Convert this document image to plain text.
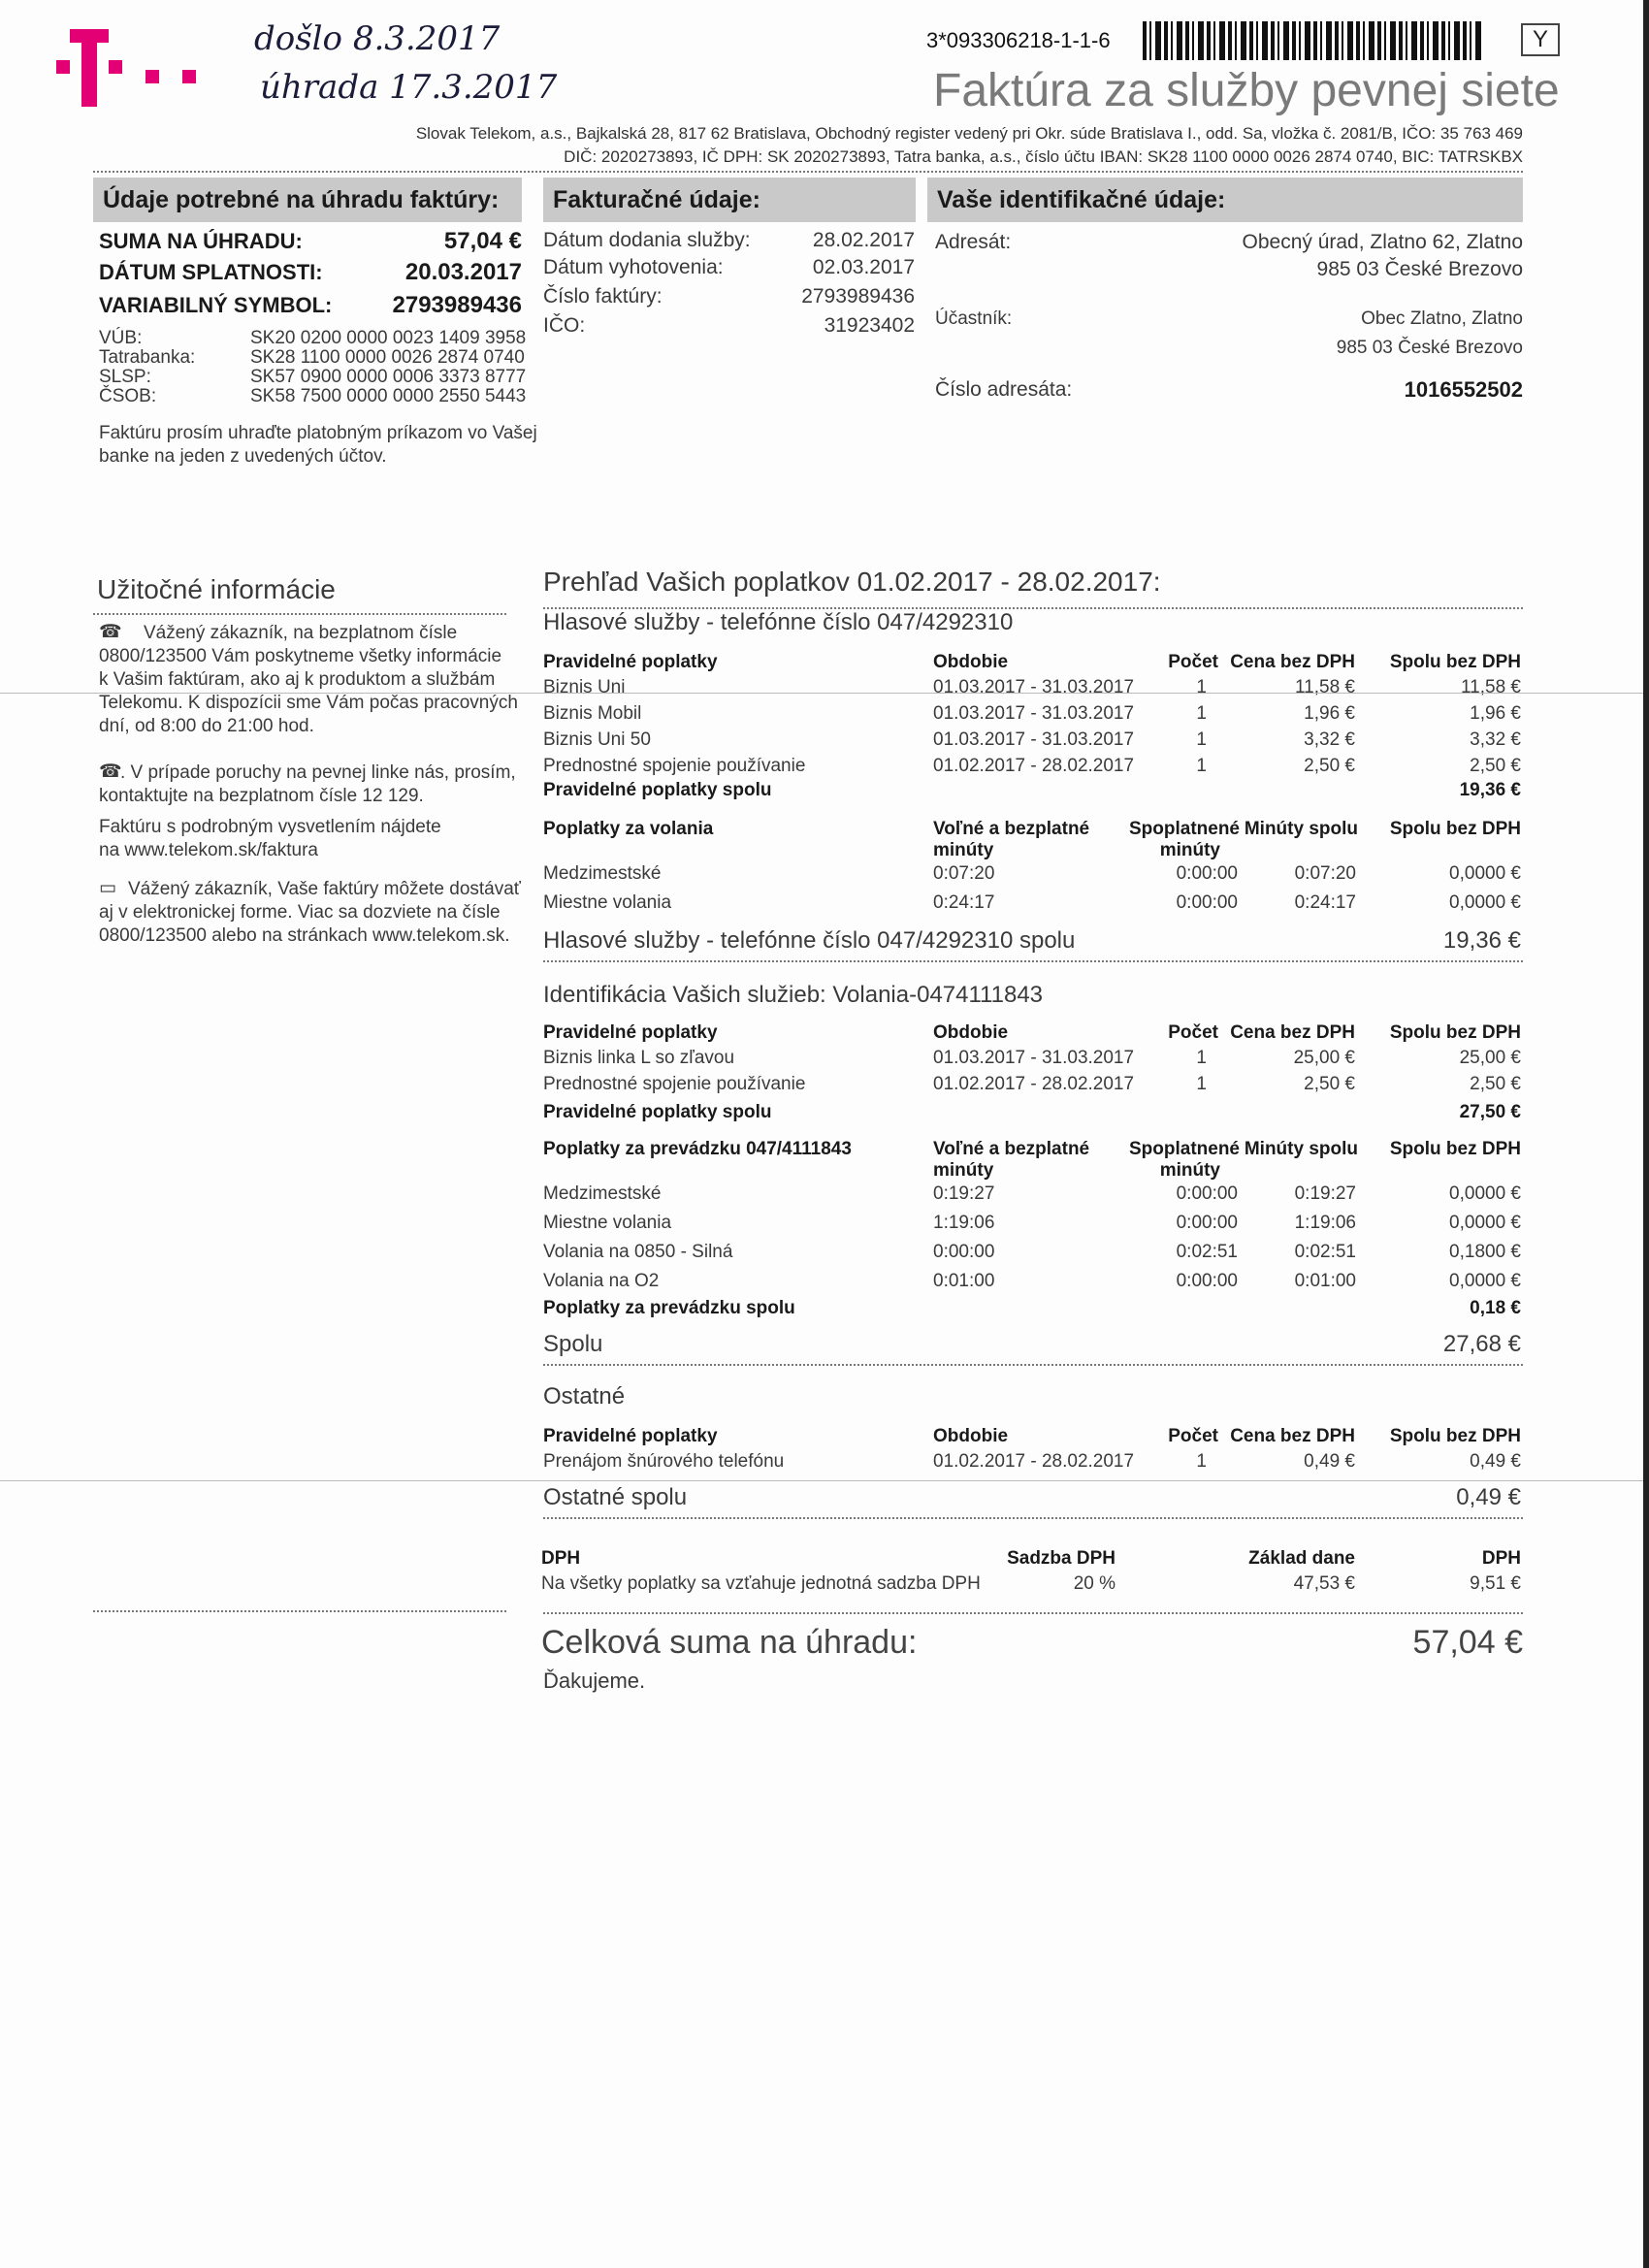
došlo 8.3.2017
úhrada 17.3.2017
3*093306218-1-1-6	Y
Faktúra za služby pevnej siete
Slovak Telekom, a.s., Bajkalská 28, 817 62 Bratislava, Obchodný register vedený pri Okr. súde Bratislava I., odd. Sa, vložka č. 2081/B, IČO: 35 763 469
DIČ: 2020273893, IČ DPH: SK 2020273893, Tatra banka, a.s., číslo účtu IBAN: SK28 1100 0000 0026 2874 0740, BIC: TATRSKBX
Údaje potrebné na úhradu faktúry:	Fakturačné údaje:	Vaše identifikačné údaje:
SUMA NA ÚHRADU:	57,04 €
DÁTUM SPLATNOSTI:	20.03.2017
VARIABILNÝ SYMBOL:	2793989436
VÚB:	SK20 0200 0000 0023 1409 3958
Tatrabanka:	SK28 1100 0000 0026 2874 0740
SLSP:	SK57 0900 0000 0006 3373 8777
ČSOB:	SK58 7500 0000 0000 2550 5443
Faktúru prosím uhraďte platobným príkazom vo Vašej
banke na jeden z uvedených účtov.
Dátum dodania služby:	28.02.2017
Dátum vyhotovenia:	02.03.2017
Číslo faktúry:	2793989436
IČO:	31923402
Adresát:	Obecný úrad, Zlatno 62, Zlatno
985 03 České Brezovo
Účastník:	Obec Zlatno, Zlatno
985 03 České Brezovo
Číslo adresáta:	1016552502
Užitočné informácie
☎ Vážený zákazník, na bezplatnom čísle
0800/123500 Vám poskytneme všetky informácie
k Vašim faktúram, ako aj k produktom a službám
Telekomu. K dispozícii sme Vám počas pracovných
dní, od 8:00 do 21:00 hod.
☎
. V prípade poruchy na pevnej linke nás, prosím,
kontaktujte na bezplatnom čísle 12 129.
Faktúru s podrobným vysvetlením nájdete
na www.telekom.sk/faktura
▭ Vážený zákazník, Vaše faktúry môžete dostávať
aj v elektronickej forme. Viac sa dozviete na čísle
0800/123500 alebo na stránkach www.telekom.sk.
Prehľad Vašich poplatkov 01.02.2017 - 28.02.2017:
Hlasové služby - telefónne číslo 047/4292310
Pravidelné poplatky	Obdobie	Počet Cena bez DPH Spolu bez DPH
Biznis Uni	01.03.2017 - 31.03.2017	1	11,58 €	11,58 €
Biznis Mobil	01.03.2017 - 31.03.2017	1	1,96 €	1,96 €
Biznis Uni 50	01.03.2017 - 31.03.2017	1	3,32 €	3,32 €
Prednostné spojenie používanie	01.02.2017 - 28.02.2017	1	2,50 €	2,50 €
Pravidelné poplatky spolu	19,36 €
Poplatky za volania	Voľné a bezplatné
minúty
Spoplatnené
minúty
Minúty spolu Spolu bez DPH
Medzimestské	0:07:20	0:00:00	0:07:20	0,0000 €
Miestne volania	0:24:17	0:00:00	0:24:17	0,0000 €
Hlasové služby - telefónne číslo 047/4292310 spolu	19,36 €
Identifikácia Vašich služieb: Volania-0474111843
Pravidelné poplatky	Obdobie	Počet Cena bez DPH Spolu bez DPH
Biznis linka L so zľavou	01.03.2017 - 31.03.2017	1	25,00 €	25,00 €
Prednostné spojenie používanie	01.02.2017 - 28.02.2017	1	2,50 €	2,50 €
Pravidelné poplatky spolu	27,50 €
Poplatky za prevádzku 047/4111843	Voľné a bezplatné
minúty
Spoplatnené
minúty
Minúty spolu Spolu bez DPH
Medzimestské	0:19:27	0:00:00	0:19:27	0,0000 €
Miestne volania	1:19:06	0:00:00	1:19:06	0,0000 €
Volania na 0850 - Silná	0:00:00	0:02:51	0:02:51	0,1800 €
Volania na O2	0:01:00	0:00:00	0:01:00	0,0000 €
Poplatky za prevádzku spolu	0,18 €
Spolu	27,68 €
Ostatné
Pravidelné poplatky	Obdobie	Počet Cena bez DPH Spolu bez DPH
Prenájom šnúrového telefónu	01.02.2017 - 28.02.2017	1	0,49 €	0,49 €
Ostatné spolu	0,49 €
DPH	Sadzba DPH	Základ dane	DPH
Na všetky poplatky sa vzťahuje jednotná sadzba DPH	20 %	47,53 €	9,51 €
Celková suma na úhradu:	57,04 €
Ďakujeme.
